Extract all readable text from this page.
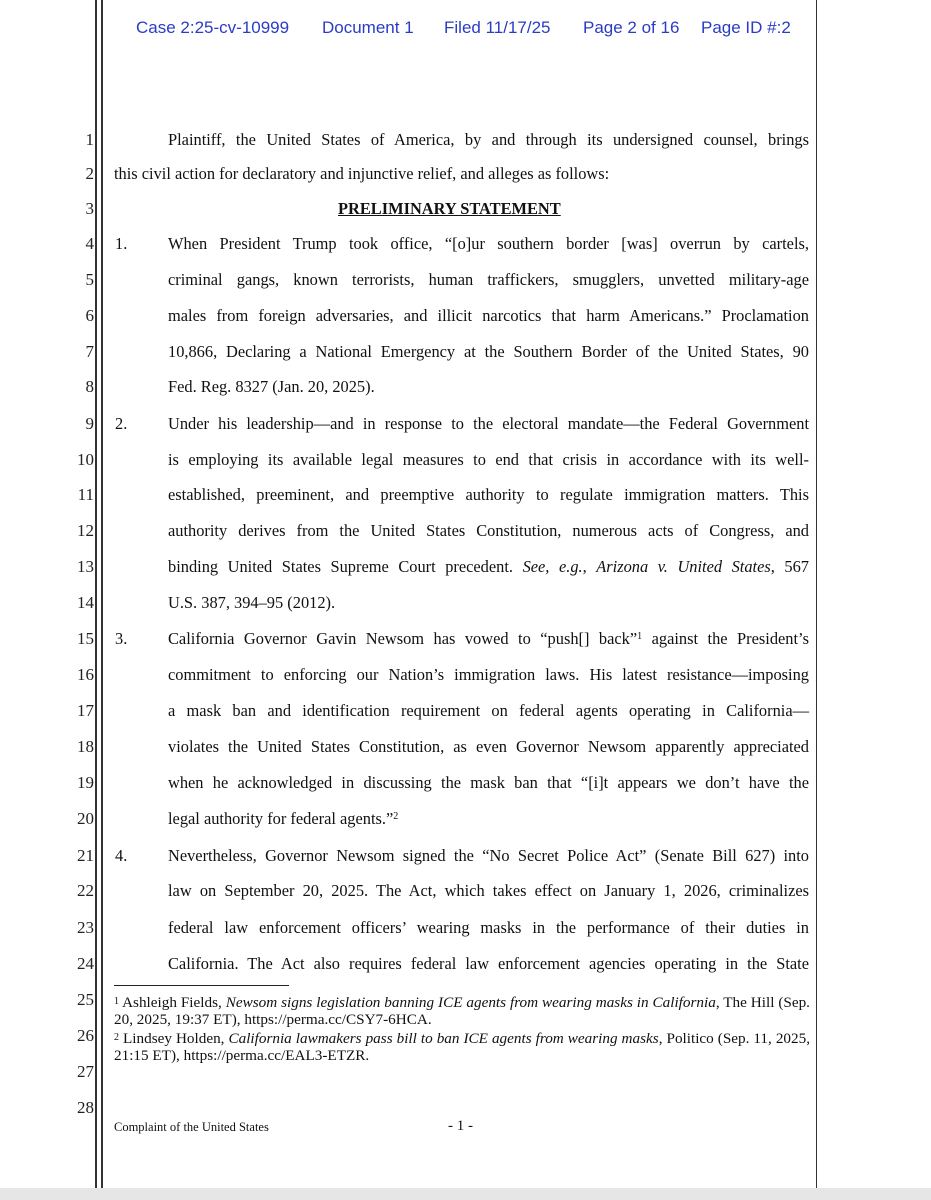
Case 2:25-cv-10999 Document 1 Filed 11/17/25 Page 2 of 16 Page ID #:2
1
2
3
4
5
6
7
8
9
10
11
12
13
14
15
16
17
18
19
20
21
22
23
24
25
26
27
28
Plaintiff, the United States of America, by and through its undersigned counsel, brings
this civil action for declaratory and injunctive relief, and alleges as follows:
PRELIMINARY STATEMENT
1. When President Trump took office, “[o]ur southern border [was] overrun by cartels,
criminal gangs, known terrorists, human traffickers, smugglers, unvetted military-age
males from foreign adversaries, and illicit narcotics that harm Americans.” Proclamation
10,866, Declaring a National Emergency at the Southern Border of the United States, 90
Fed. Reg. 8327 (Jan. 20, 2025).
2. Under his leadership—and in response to the electoral mandate—the Federal Government
is employing its available legal measures to end that crisis in accordance with its well-
established, preeminent, and preemptive authority to regulate immigration matters. This
authority derives from the United States Constitution, numerous acts of Congress, and
binding United States Supreme Court precedent. See, e.g., Arizona v. United States, 567
U.S. 387, 394–95 (2012).
3. California Governor Gavin Newsom has vowed to “push[] back”$^1$ against the President’s
commitment to enforcing our Nation’s immigration laws. His latest resistance—imposing
a mask ban and identification requirement on federal agents operating in California—
violates the United States Constitution, as even Governor Newsom apparently appreciated
when he acknowledged in discussing the mask ban that “[i]t appears we don’t have the
legal authority for federal agents.”$^2$
4. Nevertheless, Governor Newsom signed the “No Secret Police Act” (Senate Bill 627) into
law on September 20, 2025. The Act, which takes effect on January 1, 2026, criminalizes
federal law enforcement officers’ wearing masks in the performance of their duties in
California. The Act also requires federal law enforcement agencies operating in the State
$^1$ Ashleigh Fields, Newsom signs legislation banning ICE agents from wearing masks in California, The Hill (Sep. 20, 2025, 19:37 ET), https://perma.cc/CSY7-6HCA.
$^2$ Lindsey Holden, California lawmakers pass bill to ban ICE agents from wearing masks, Politico (Sep. 11, 2025, 21:15 ET), https://perma.cc/EAL3-ETZR.
Complaint of the United States	- 1 -
